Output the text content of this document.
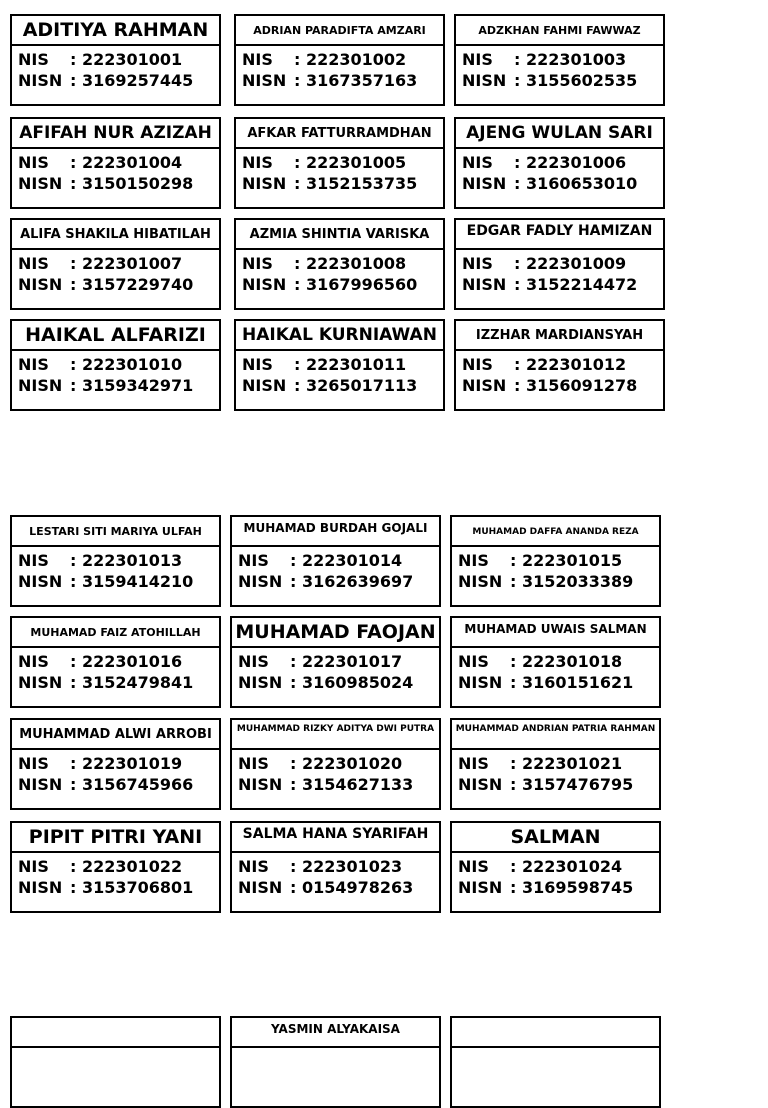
ADITIYA RAHMAN
NIS	: 222301001
NISN : 3169257445
ADRIAN PARADIFTA AMZARI
NIS	: 222301002
NISN : 3167357163
ADZKHAN FAHMI FAWWAZ
NIS	: 222301003
NISN : 3155602535
AFIFAH NUR AZIZAH
NIS	: 222301004
NISN : 3150150298
AFKAR FATTURRAMDHAN
NIS	: 222301005
NISN : 3152153735
AJENG WULAN SARI
NIS	: 222301006
NISN : 3160653010
ALIFA SHAKILA HIBATILAH
NIS	: 222301007
NISN : 3157229740
AZMIA SHINTIA VARISKA
NIS	: 222301008
NISN : 3167996560
EDGAR FADLY HAMIZAN
NIS	: 222301009
NISN : 3152214472
HAIKAL ALFARIZI
NIS	: 222301010
NISN : 3159342971
HAIKAL KURNIAWAN
NIS	: 222301011
NISN : 3265017113
IZZHAR MARDIANSYAH
NIS	: 222301012
NISN : 3156091278
LESTARI SITI MARIYA ULFAH
NIS	: 222301013
NISN : 3159414210
MUHAMAD BURDAH GOJALI
NIS	: 222301014
NISN : 3162639697
MUHAMAD DAFFA ANANDA REZA
NIS	: 222301015
NISN : 3152033389
MUHAMAD FAIZ ATOHILLAH
NIS	: 222301016
NISN : 3152479841
MUHAMAD FAOJAN
NIS	: 222301017
NISN : 3160985024
MUHAMAD UWAIS SALMAN
NIS	: 222301018
NISN : 3160151621
MUHAMMAD ALWI ARROBI
NIS	: 222301019
NISN : 3156745966
MUHAMMAD RIZKY ADITYA DWI PUTRA
NIS	: 222301020
NISN : 3154627133
MUHAMMAD ANDRIAN PATRIA RAHMAN
NIS	: 222301021
NISN : 3157476795
PIPIT PITRI YANI
NIS	: 222301022
NISN : 3153706801
SALMA HANA SYARIFAH
NIS	: 222301023
NISN : 0154978263
SALMAN
NIS	: 222301024
NISN : 3169598745
YASMIN ALYAKAISA
